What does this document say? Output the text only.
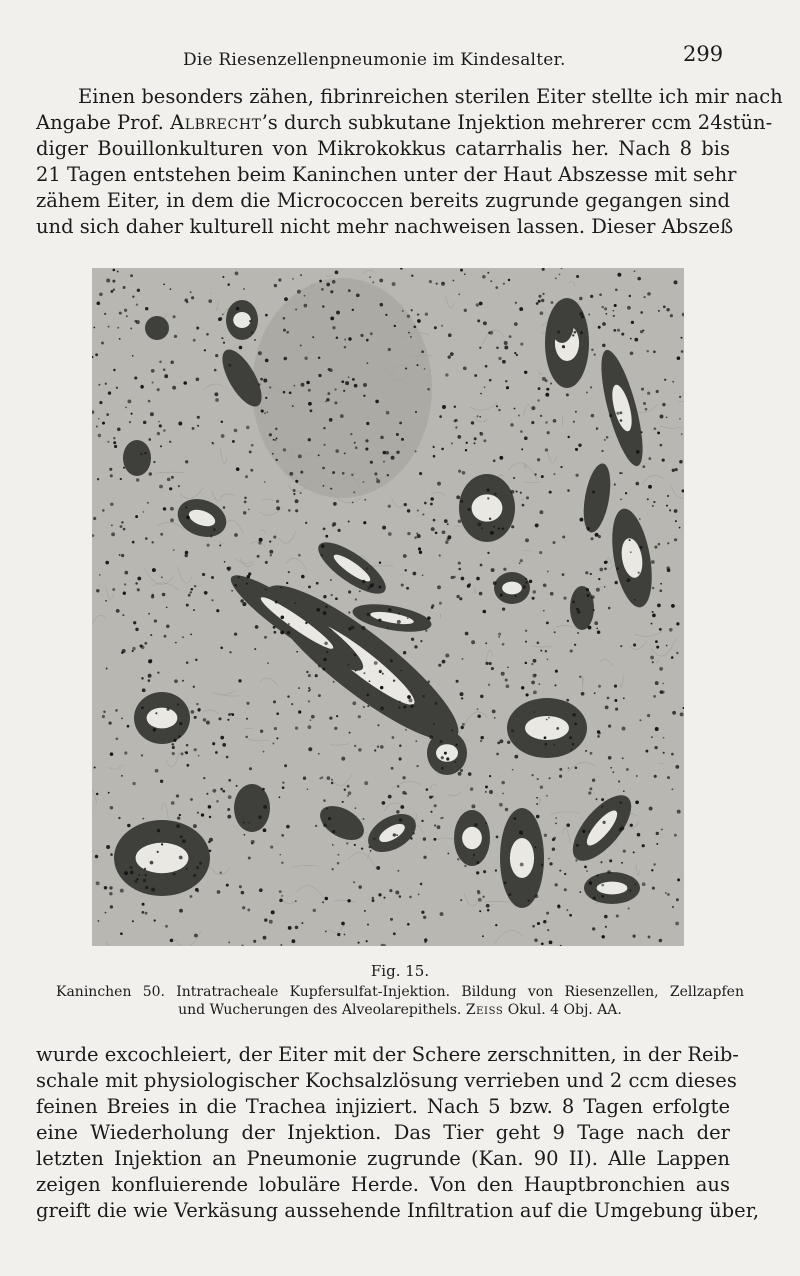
Die Riesenzellenpneumonie im Kindesalter.	299
Einen besonders zähen, fibrinreichen sterilen Eiter stellte ich mir nach
Angabe Prof. Albrecht’s durch subkutane Injektion mehrerer ccm 24stün-
diger Bouillonkulturen von Mikrokokkus catarrhalis her. Nach 8 bis
21 Tagen entstehen beim Kaninchen unter der Haut Abszesse mit sehr
zähem Eiter, in dem die Micrococcen bereits zugrunde gegangen sind
und sich daher kulturell nicht mehr nachweisen lassen. Dieser Abszeß
Fig. 15.
Kaninchen 50. Intratracheale Kupfersulfat-Injektion. Bildung von Riesenzellen, Zellzapfen
und Wucherungen des Alveolarepithels. Zeiss Okul. 4 Obj. AA.
wurde excochleiert, der Eiter mit der Schere zerschnitten, in der Reib-
schale mit physiologischer Kochsalzlösung verrieben und 2 ccm dieses
feinen Breies in die Trachea injiziert. Nach 5 bzw. 8 Tagen erfolgte
eine Wiederholung der Injektion. Das Tier geht 9 Tage nach der
letzten Injektion an Pneumonie zugrunde (Kan. 90 II). Alle Lappen
zeigen konfluierende lobuläre Herde. Von den Hauptbronchien aus
greift die wie Verkäsung aussehende Infiltration auf die Umgebung über,
